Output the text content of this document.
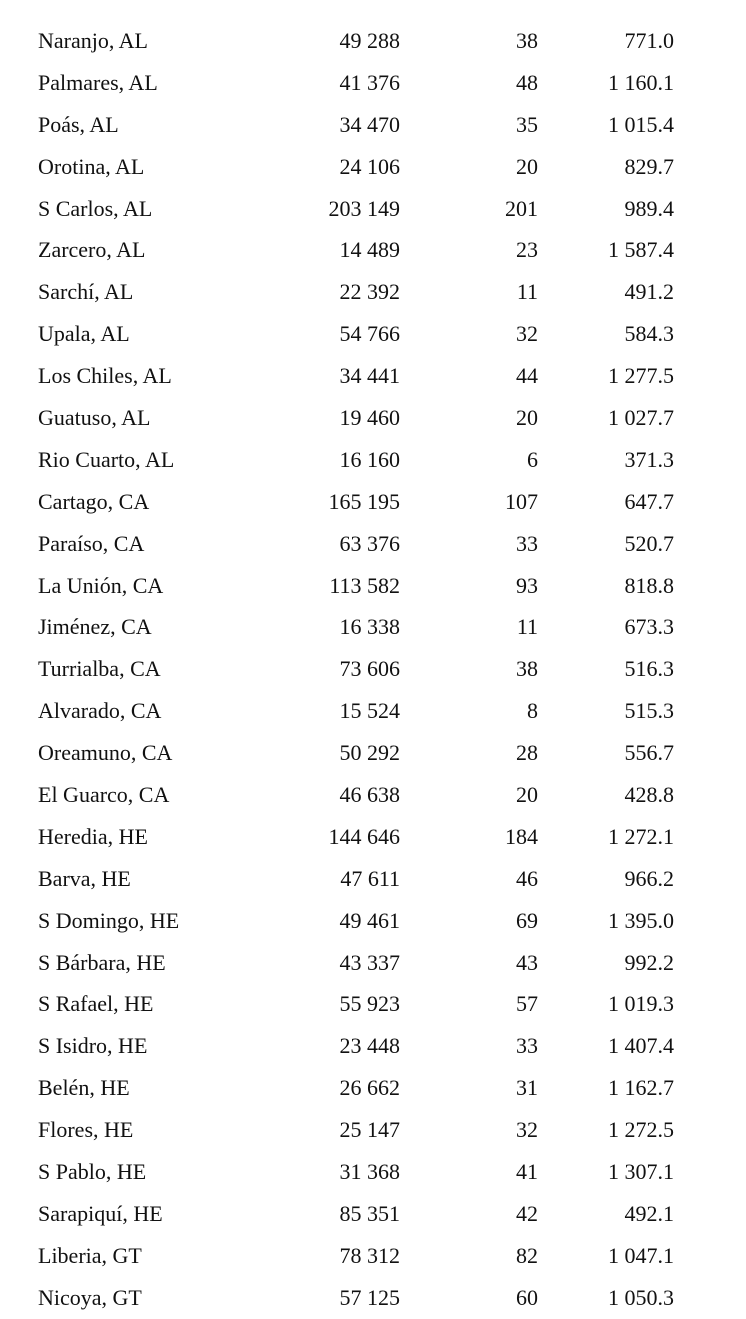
Naranjo, AL	49 288	38	771.0
Palmares, AL	41 376	48	1 160.1
Poás, AL	34 470	35	1 015.4
Orotina, AL	24 106	20	829.7
S Carlos, AL	203 149	201	989.4
Zarcero, AL	14 489	23	1 587.4
Sarchí, AL	22 392	11	491.2
Upala, AL	54 766	32	584.3
Los Chiles, AL	34 441	44	1 277.5
Guatuso, AL	19 460	20	1 027.7
Rio Cuarto, AL	16 160	6	371.3
Cartago, CA	165 195	107	647.7
Paraíso, CA	63 376	33	520.7
La Unión, CA	113 582	93	818.8
Jiménez, CA	16 338	11	673.3
Turrialba, CA	73 606	38	516.3
Alvarado, CA	15 524	8	515.3
Oreamuno, CA	50 292	28	556.7
El Guarco, CA	46 638	20	428.8
Heredia, HE	144 646	184	1 272.1
Barva, HE	47 611	46	966.2
S Domingo, HE	49 461	69	1 395.0
S Bárbara, HE	43 337	43	992.2
S Rafael, HE	55 923	57	1 019.3
S Isidro, HE	23 448	33	1 407.4
Belén, HE	26 662	31	1 162.7
Flores, HE	25 147	32	1 272.5
S Pablo, HE	31 368	41	1 307.1
Sarapiquí, HE	85 351	42	492.1
Liberia, GT	78 312	82	1 047.1
Nicoya, GT	57 125	60	1 050.3
